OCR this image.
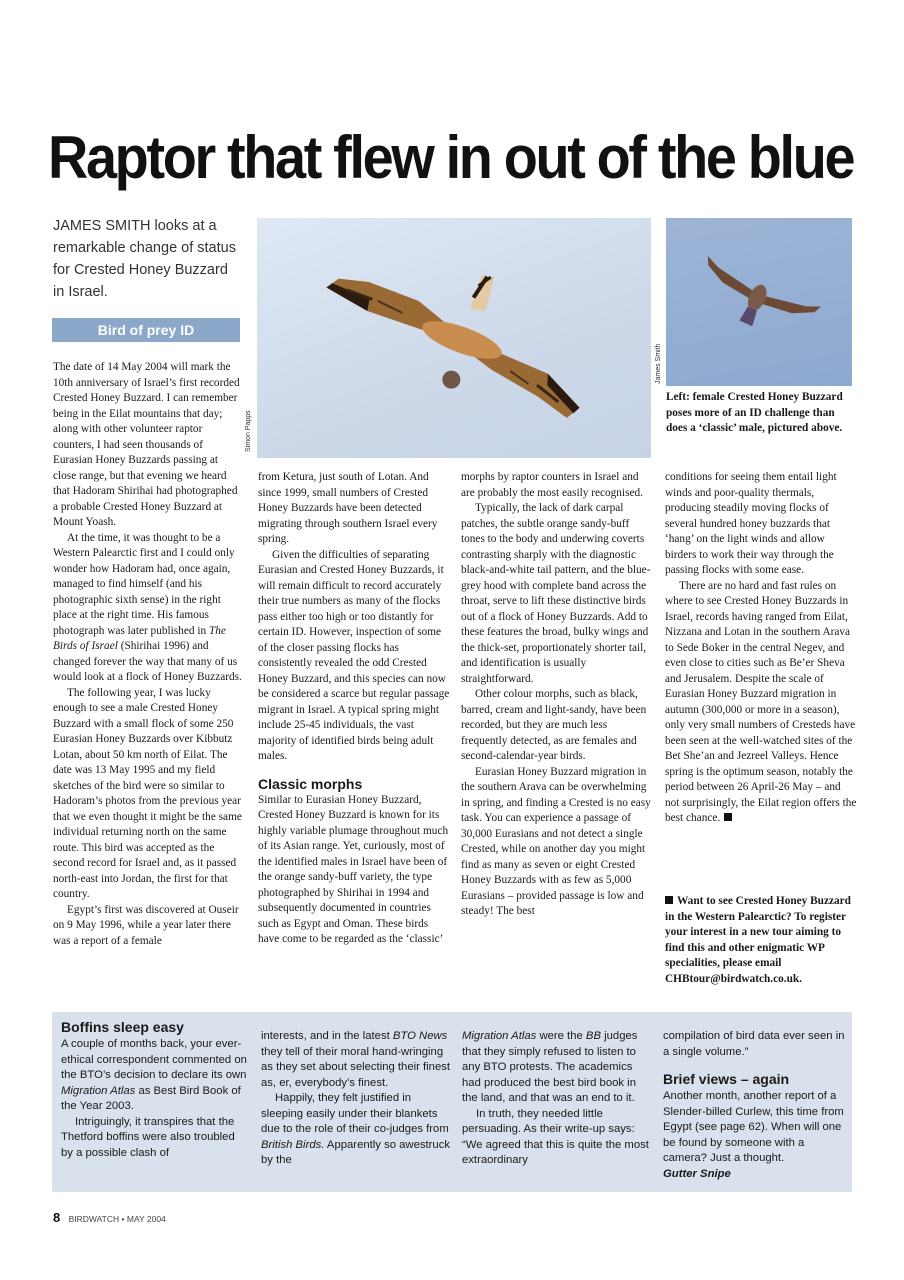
Raptor that flew in out of the blue
JAMES SMITH looks at a remarkable change of status for Crested Honey Buzzard in Israel.
Bird of prey ID
Simon Papps
James Smith
Left: female Crested Honey Buzzard poses more of an ID challenge than does a ‘classic’ male, pictured above.

The date of 14 May 2004 will mark the 10th anniversary of Israel’s first recorded Crested Honey Buzzard. I can remember being in the Eilat mountains that day; along with other volunteer raptor counters, I had seen thousands of Eurasian Honey Buzzards passing at close range, but that evening we heard that Hadoram Shirihai had photographed a probable Crested Honey Buzzard at Mount Yoash.

At the time, it was thought to be a Western Palearctic first and I could only wonder how Hadoram had, once again, managed to find himself (and his photographic sixth sense) in the right place at the right time. His famous photograph was later published in The Birds of Israel (Shirihai 1996) and changed forever the way that many of us would look at a flock of Honey Buzzards.

The following year, I was lucky enough to see a male Crested Honey Buzzard with a small flock of some 250 Eurasian Honey Buzzards over Kibbutz Lotan, about 50 km north of Eilat. The date was 13 May 1995 and my field sketches of the bird were so similar to Hadoram’s photos from the previous year that we even thought it might be the same individual returning north on the same route. This bird was accepted as the second record for Israel and, as it passed north-east into Jordan, the first for that country.

Egypt’s first was discovered at Ouseir on 9 May 1996, while a year later there was a report of a female

from Ketura, just south of Lotan. And since 1999, small numbers of Crested Honey Buzzards have been detected migrating through southern Israel every spring.

Given the difficulties of separating Eurasian and Crested Honey Buzzards, it will remain difficult to record accurately their true numbers as many of the flocks pass either too high or too distantly for certain ID. However, inspection of some of the closer passing flocks has consistently revealed the odd Crested Honey Buzzard, and this species can now be considered a scarce but regular passage migrant in Israel. A typical spring might include 25-45 individuals, the vast majority of identified birds being adult males.

Classic morphs

Similar to Eurasian Honey Buzzard, Crested Honey Buzzard is known for its highly variable plumage throughout much of its Asian range. Yet, curiously, most of the identified males in Israel have been of the orange sandy-buff variety, the type photographed by Shirihai in 1994 and subsequently documented in countries such as Egypt and Oman. These birds have come to be regarded as the ‘classic’

morphs by raptor counters in Israel and are probably the most easily recognised.

Typically, the lack of dark carpal patches, the subtle orange sandy-buff tones to the body and underwing coverts contrasting sharply with the diagnostic black-and-white tail pattern, and the blue-grey hood with complete band across the throat, serve to lift these distinctive birds out of a flock of Honey Buzzards. Add to these features the broad, bulky wings and the thick-set, proportionately shorter tail, and identification is usually straightforward.

Other colour morphs, such as black, barred, cream and light-sandy, have been recorded, but they are much less frequently detected, as are females and second-calendar-year birds.

Eurasian Honey Buzzard migration in the southern Arava can be overwhelming in spring, and finding a Crested is no easy task. You can experience a passage of 30,000 Eurasians and not detect a single Crested, while on another day you might find as many as seven or eight Crested Honey Buzzards with as few as 5,000 Eurasians – provided passage is low and steady! The best

conditions for seeing them entail light winds and poor-quality thermals, producing steadily moving flocks of several hundred honey buzzards that ‘hang’ on the light winds and allow birders to work their way through the passing flocks with some ease.

There are no hard and fast rules on where to see Crested Honey Buzzards in Israel, records having ranged from Eilat, Nizzana and Lotan in the southern Arava to Sede Boker in the central Negev, and even close to cities such as Be’er Sheva and Jerusalem. Despite the scale of Eurasian Honey Buzzard migration in autumn (300,000 or more in a season), only very small numbers of Cresteds have been seen at the well-watched sites of the Bet She’an and Jezreel Valleys. Hence spring is the optimum season, notably the period between 26 April-26 May – and not surprisingly, the Eilat region offers the best chance.

Want to see Crested Honey Buzzard in the Western Palearctic? To register your interest in a new tour aiming to find this and other enigmatic WP specialities, please email CHBtour@birdwatch.co.uk.
Boffins sleep easy

A couple of months back, your ever-ethical correspondent commented on the BTO’s decision to declare its own Migration Atlas as Best Bird Book of the Year 2003.

Intriguingly, it transpires that the Thetford boffins were also troubled by a possible clash of

interests, and in the latest BTO News they tell of their moral hand-wringing as they set about selecting their finest as, er, everybody’s finest.

Happily, they felt justified in sleeping easily under their blankets due to the role of their co-judges from British Birds. Apparently so awestruck by the

Migration Atlas were the BB judges that they simply refused to listen to any BTO protests. The academics had produced the best bird book in the land, and that was an end to it.

In truth, they needed little persuading. As their write-up says: “We agreed that this is quite the most extraordinary

compilation of bird data ever seen in a single volume.”

Brief views – again

Another month, another report of a Slender-billed Curlew, this time from Egypt (see page 62). When will one be found by someone with a camera? Just a thought.

Gutter Snipe

8 BIRDWATCH • MAY 2004
